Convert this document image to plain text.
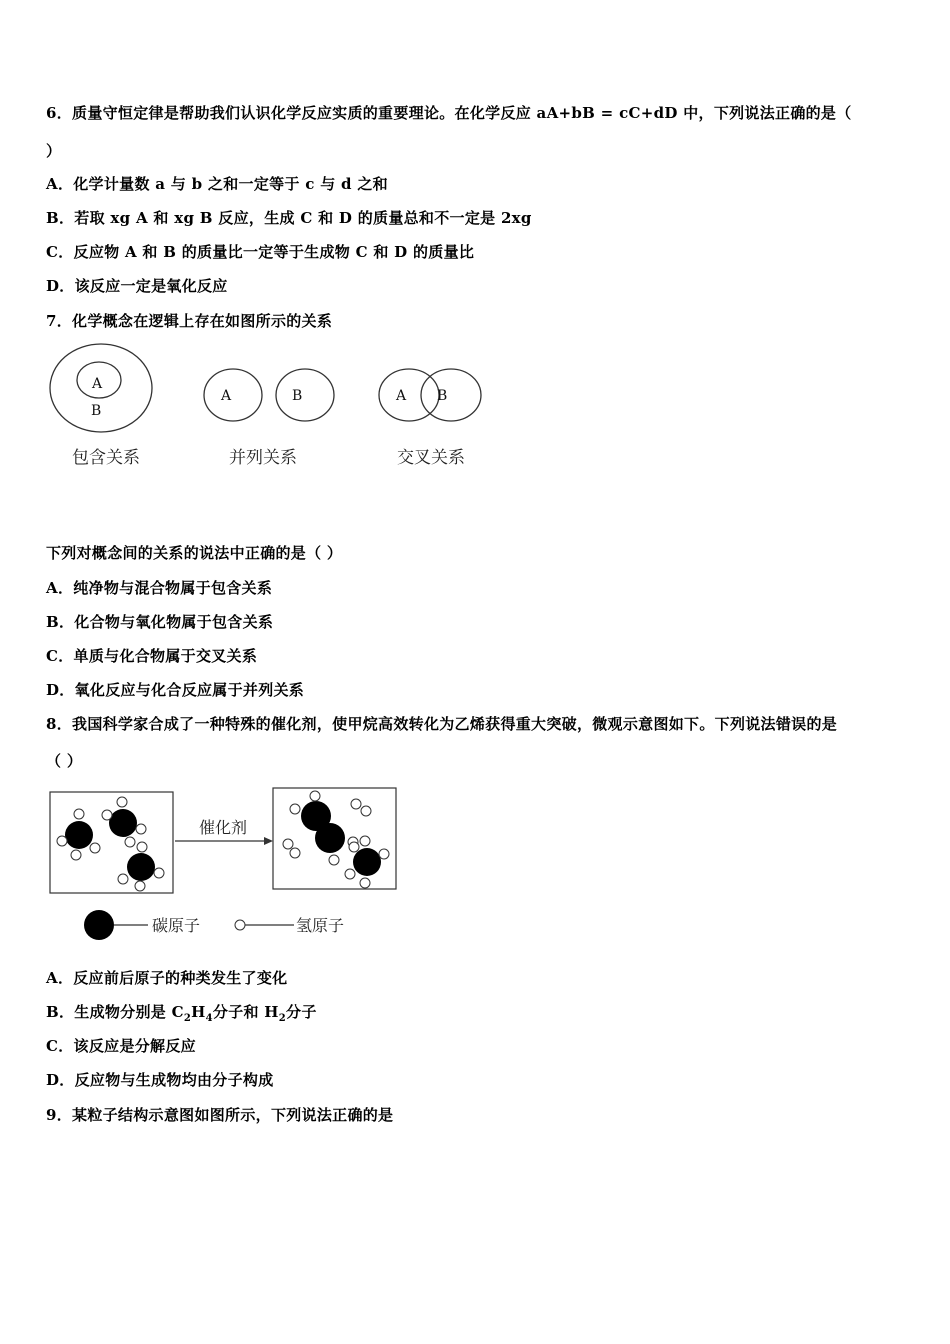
6．质量守恒定律是帮助我们认识化学反应实质的重要理论。在化学反应 aA+bB = cC+dD 中，下列说法正确的是（
）
A．化学计量数 a 与 b 之和一定等于 c 与 d 之和
B．若取 xg A 和 xg B 反应，生成 C 和 D 的质量总和不一定是 2xg
C．反应物 A 和 B 的质量比一定等于生成物 C 和 D 的质量比
D．该反应一定是氧化反应
7．化学概念在逻辑上存在如图所示的关系
A
B
包含关系
A	B
并列关系
A B
交叉关系
下列对概念间的关系的说法中正确的是（ ）
A．纯净物与混合物属于包含关系
B．化合物与氧化物属于包含关系
C．单质与化合物属于交叉关系
D．氧化反应与化合反应属于并列关系
8．我国科学家合成了一种特殊的催化剂，使甲烷高效转化为乙烯获得重大突破，微观示意图如下。下列说法错误的是
（ ）
催化剂
碳原子	氢原子
A．反应前后原子的种类发生了变化
B．生成物分别是 $C_2H_4$分子和 $H_2$分子
C．该反应是分解反应
D．反应物与生成物均由分子构成
9．某粒子结构示意图如图所示，下列说法正确的是
